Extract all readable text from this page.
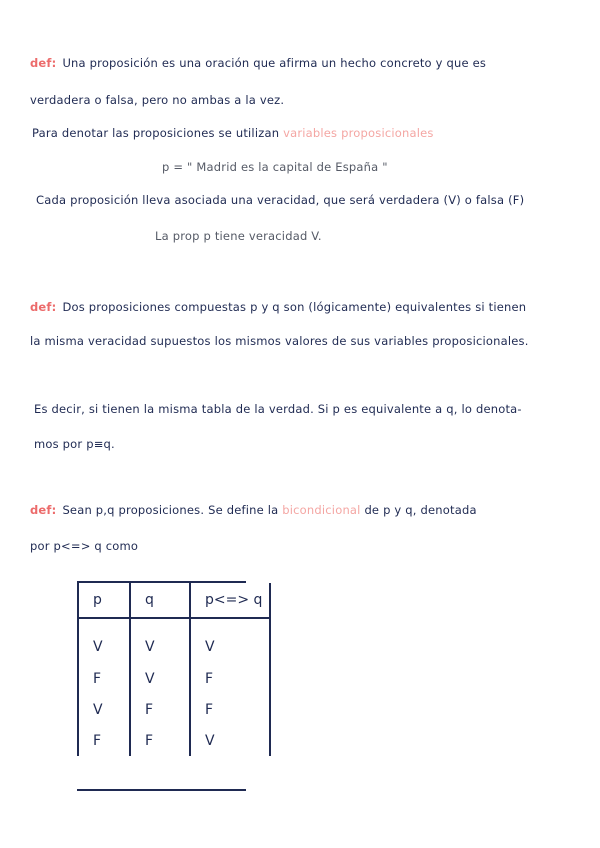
def: Una proposición es una oración que afirma un hecho concreto y que es
verdadera o falsa, pero no ambas a la vez.
Para denotar las proposiciones se utilizan variables proposicionales
p = " Madrid es la capital de España "
Cada proposición lleva asociada una veracidad, que será verdadera (V) o falsa (F)
La prop p tiene veracidad V.
def: Dos proposiciones compuestas p y q son (lógicamente) equivalentes si tienen
la misma veracidad supuestos los mismos valores de sus variables proposicionales.
Es decir, si tienen la misma tabla de la verdad. Si p es equivalente a q, lo denota-
mos por p≡q.
def: Sean p,q proposiciones. Se define la bicondicional de p y q, denotada
por p<=> q como
p	q	p<=> q
V	V	V
F	V	F
V	F	F
F	F	V
